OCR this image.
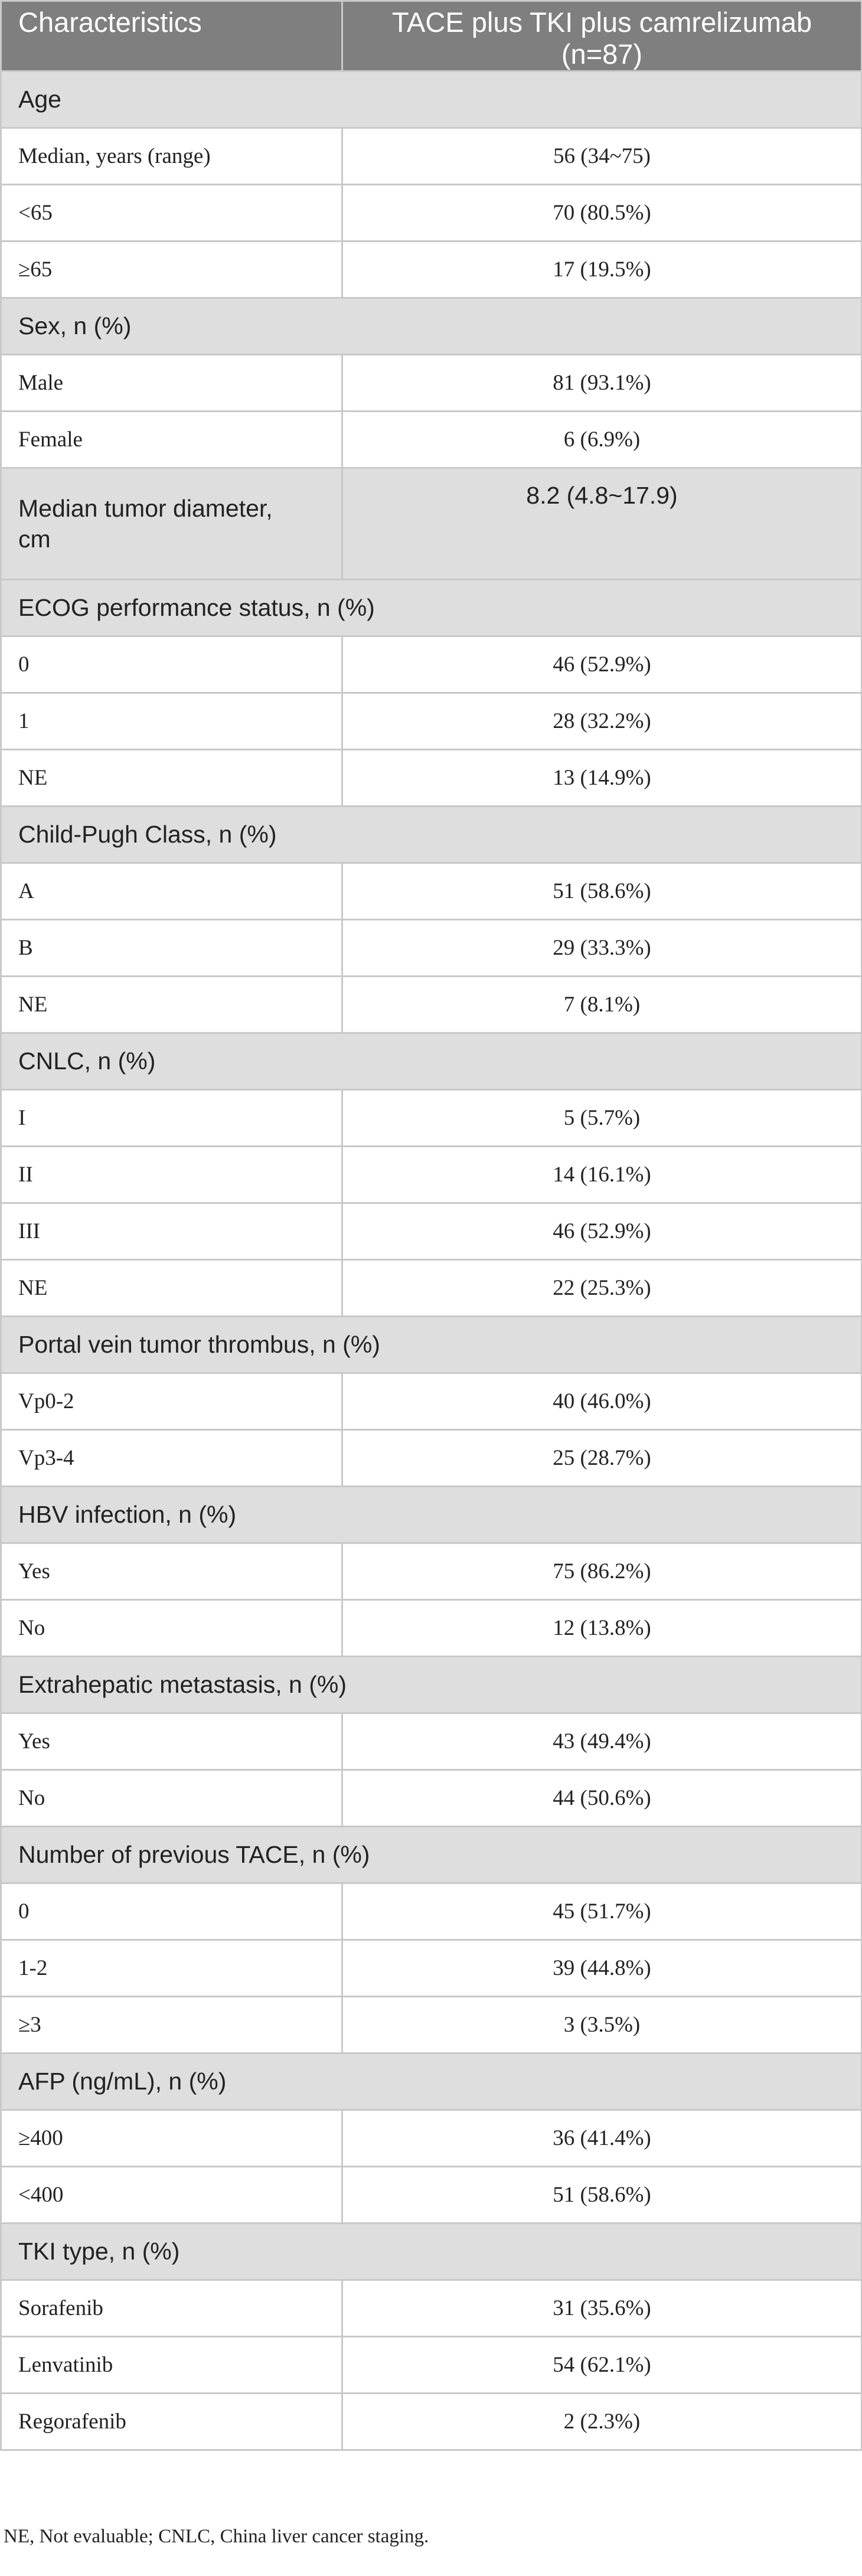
Characteristics	TACE plus TKI plus camrelizumab
(n=87)
Age	
Median, years (range)	56 (34~75)
<65	70 (80.5%)
≥65	17 (19.5%)
Sex, n (%)	
Male	81 (93.1%)
Female	6 (6.9%)
Median tumor diameter,
cm	8.2 (4.8~17.9)
ECOG performance status, n (%)	
0	46 (52.9%)
1	28 (32.2%)
NE	13 (14.9%)
Child-Pugh Class, n (%)	
A	51 (58.6%)
B	29 (33.3%)
NE	7 (8.1%)
CNLC, n (%)	
I	5 (5.7%)
II	14 (16.1%)
III	46 (52.9%)
NE	22 (25.3%)
Portal vein tumor thrombus, n (%)	
Vp0-2	40 (46.0%)
Vp3-4	25 (28.7%)
HBV infection, n (%)	
Yes	75 (86.2%)
No	12 (13.8%)
Extrahepatic metastasis, n (%)	
Yes	43 (49.4%)
No	44 (50.6%)
Number of previous TACE, n (%)	
0	45 (51.7%)
1-2	39 (44.8%)
≥3	3 (3.5%)
AFP (ng/mL), n (%)	
≥400	36 (41.4%)
<400	51 (58.6%)
TKI type, n (%)	
Sorafenib	31 (35.6%)
Lenvatinib	54 (62.1%)
Regorafenib	2 (2.3%)
NE, Not evaluable; CNLC, China liver cancer staging.
